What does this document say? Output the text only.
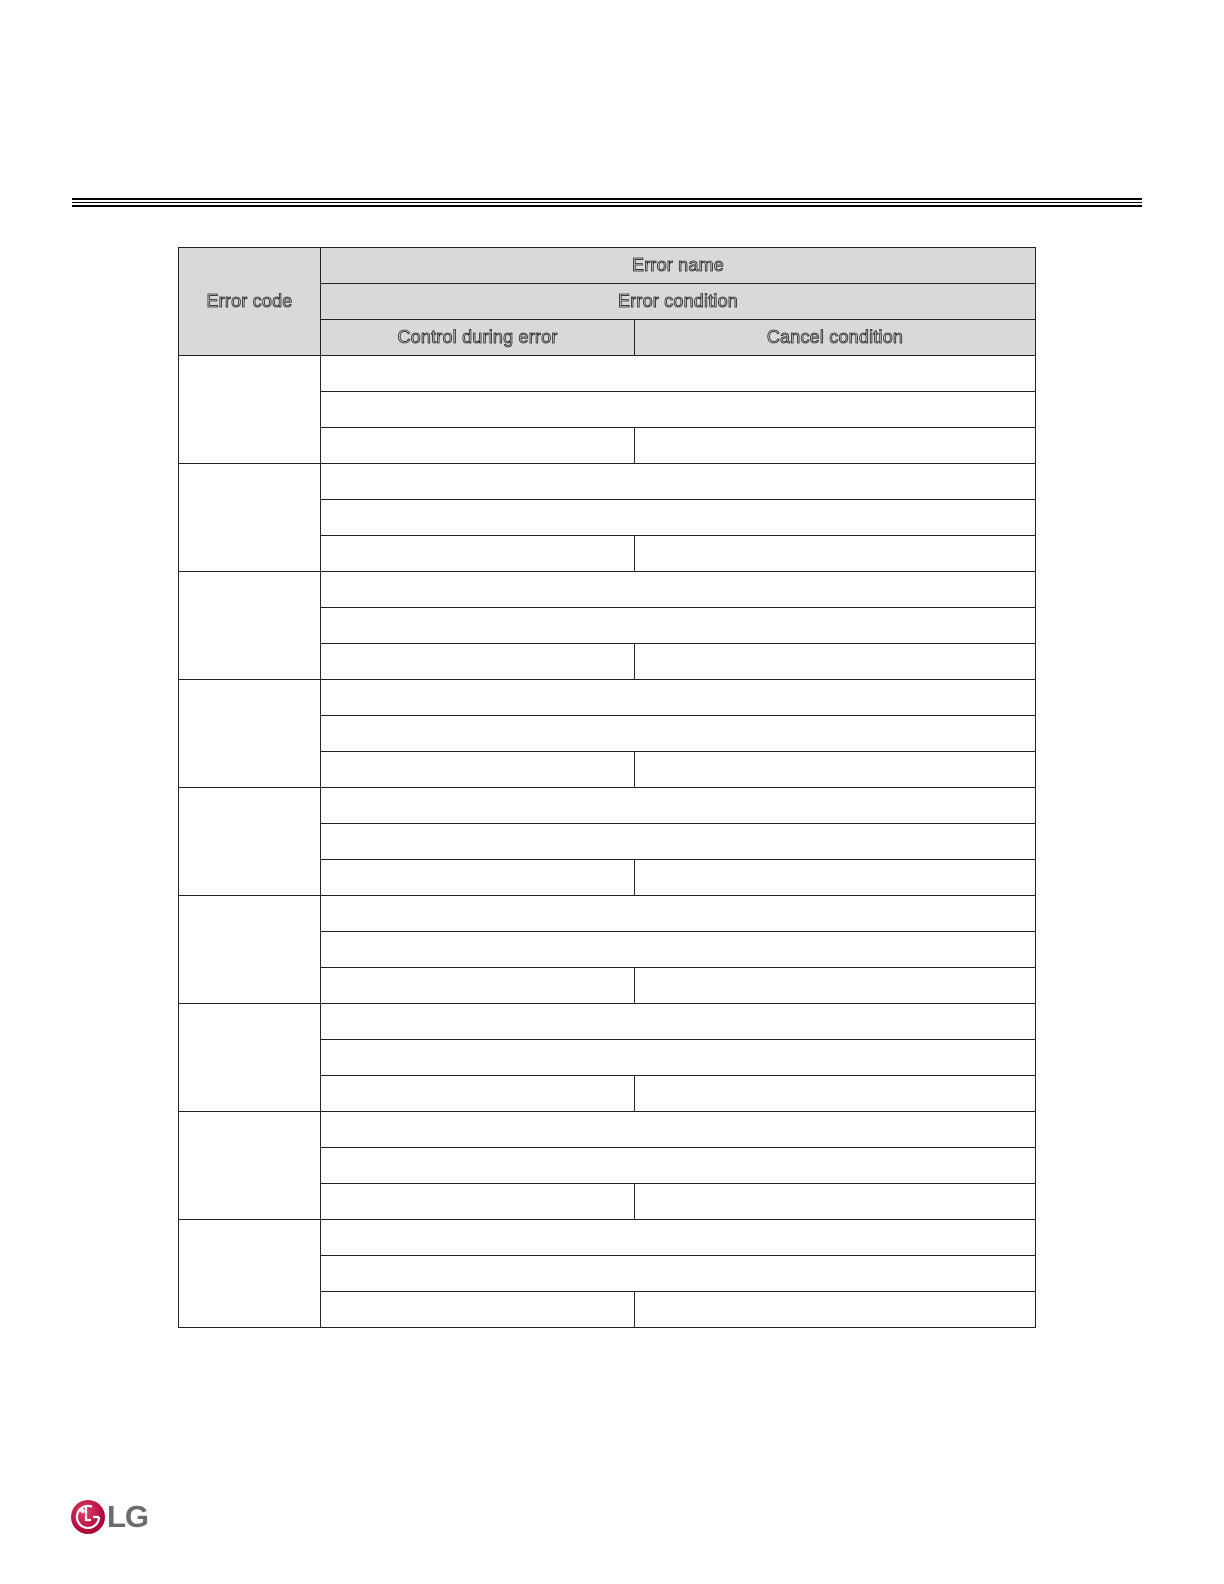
Error code	Error name	
	Error condition	
	Control during error	Cancel condition

LG
